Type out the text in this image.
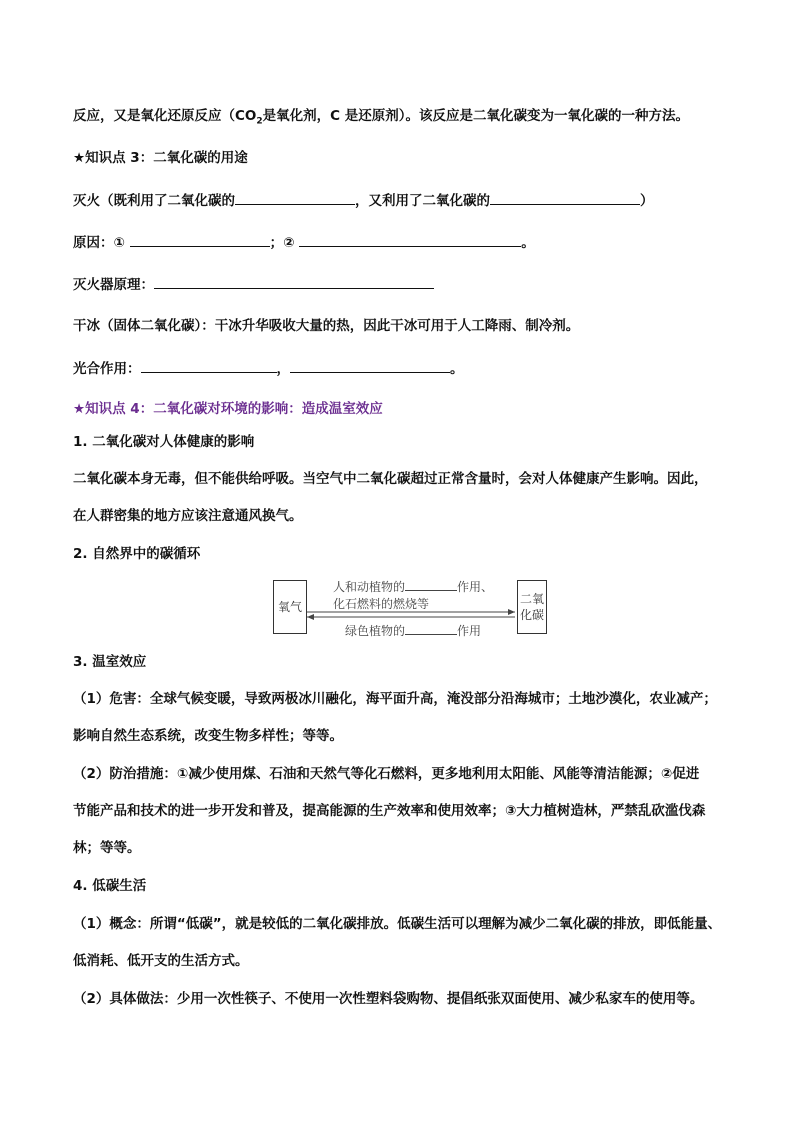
反应，又是氧化还原反应（$CO_2$是氧化剂，C 是还原剂）。该反应是二氧化碳变为一氧化碳的一种方法。
★知识点 3：二氧化碳的用途
灭火（既利用了二氧化碳的	，又利用了二氧化碳的	）
原因：①	；②	。
灭火器原理：
干冰（固体二氧化碳）：干冰升华吸收大量的热，因此干冰可用于人工降雨、制冷剂。
光合作用：	，	。
★知识点 4：二氧化碳对环境的影响：造成温室效应
1. 二氧化碳对人体健康的影响
二氧化碳本身无毒，但不能供给呼吸。当空气中二氧化碳超过正常含量时，会对人体健康产生影响。因此，
在人群密集的地方应该注意通风换气。
2. 自然界中的碳循环
氧气
二氧
化碳
人和动植物的	作用、
化石燃料的燃烧等
绿色植物的	作用
3. 温室效应
（1）危害：全球气候变暖，导致两极冰川融化，海平面升高，淹没部分沿海城市；土地沙漠化，农业减产；
影响自然生态系统，改变生物多样性；等等。
（2）防治措施：①减少使用煤、石油和天然气等化石燃料，更多地利用太阳能、风能等清洁能源；②促进
节能产品和技术的进一步开发和普及，提高能源的生产效率和使用效率；③大力植树造林，严禁乱砍滥伐森
林；等等。
4. 低碳生活
（1）概念：所谓“低碳”，就是较低的二氧化碳排放。低碳生活可以理解为减少二氧化碳的排放，即低能量、
低消耗、低开支的生活方式。
（2）具体做法：少用一次性筷子、不使用一次性塑料袋购物、提倡纸张双面使用、减少私家车的使用等。
